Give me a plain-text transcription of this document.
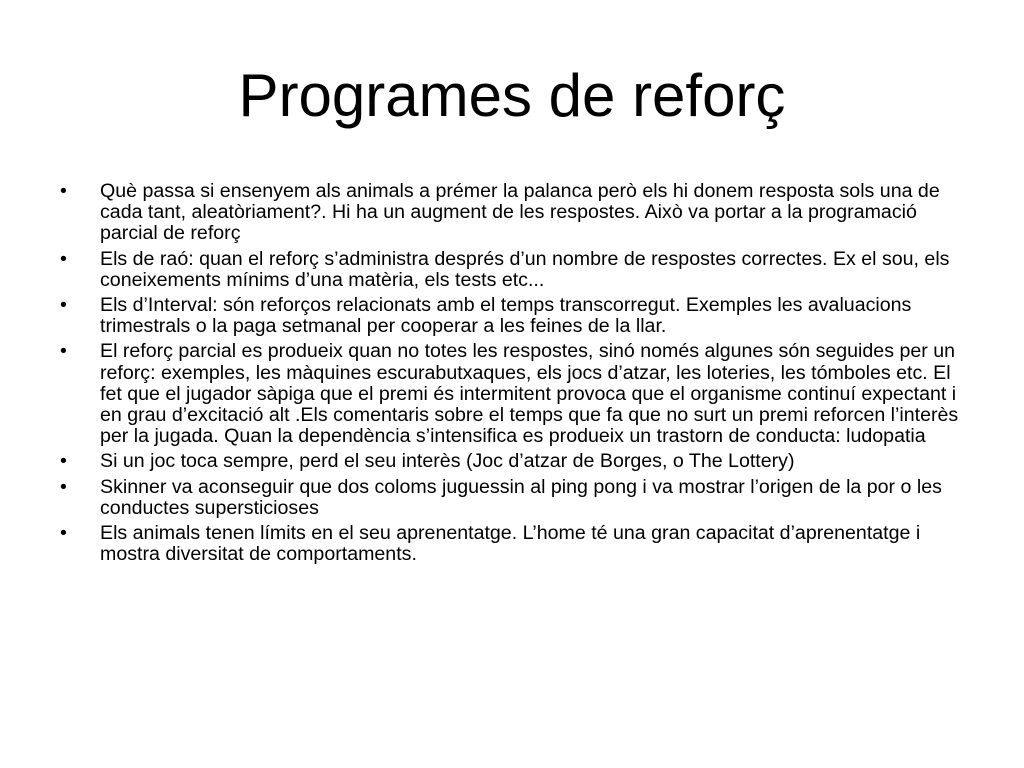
Programes de reforç
•	Què passa si ensenyem als animals a prémer la palanca però els hi donem resposta sols una de cada tant, aleatòriament?. Hi ha un augment de les respostes. Això va portar a la programació parcial de reforç
•	Els de raó: quan el reforç s’administra després d’un nombre de respostes correctes. Ex el sou, els coneixements mínims d’una matèria, els tests etc...
•	Els d’Interval: són reforços relacionats amb el temps transcorregut. Exemples les avaluacions trimestrals o la paga setmanal per cooperar a les feines de la llar.
•	El reforç parcial es produeix quan no totes les respostes, sinó només algunes són seguides per un reforç: exemples, les màquines escurabutxaques, els jocs d’atzar, les loteries, les tómboles etc. El fet que el jugador sàpiga que el premi és intermitent provoca que el organisme continuí expectant i en grau d’excitació alt .Els comentaris sobre el temps que fa que no surt un premi reforcen l’interès per la jugada. Quan la dependència s’intensifica es produeix un trastorn de conducta: ludopatia
•	Si un joc toca sempre, perd el seu interès (Joc d’atzar de Borges, o The Lottery)
•	Skinner va aconseguir que dos coloms juguessin al ping pong i va mostrar l’origen de la por o les conductes supersticioses
•	Els animals tenen límits en el seu aprenentatge. L’home té una gran capacitat d’aprenentatge i mostra diversitat de comportaments.
